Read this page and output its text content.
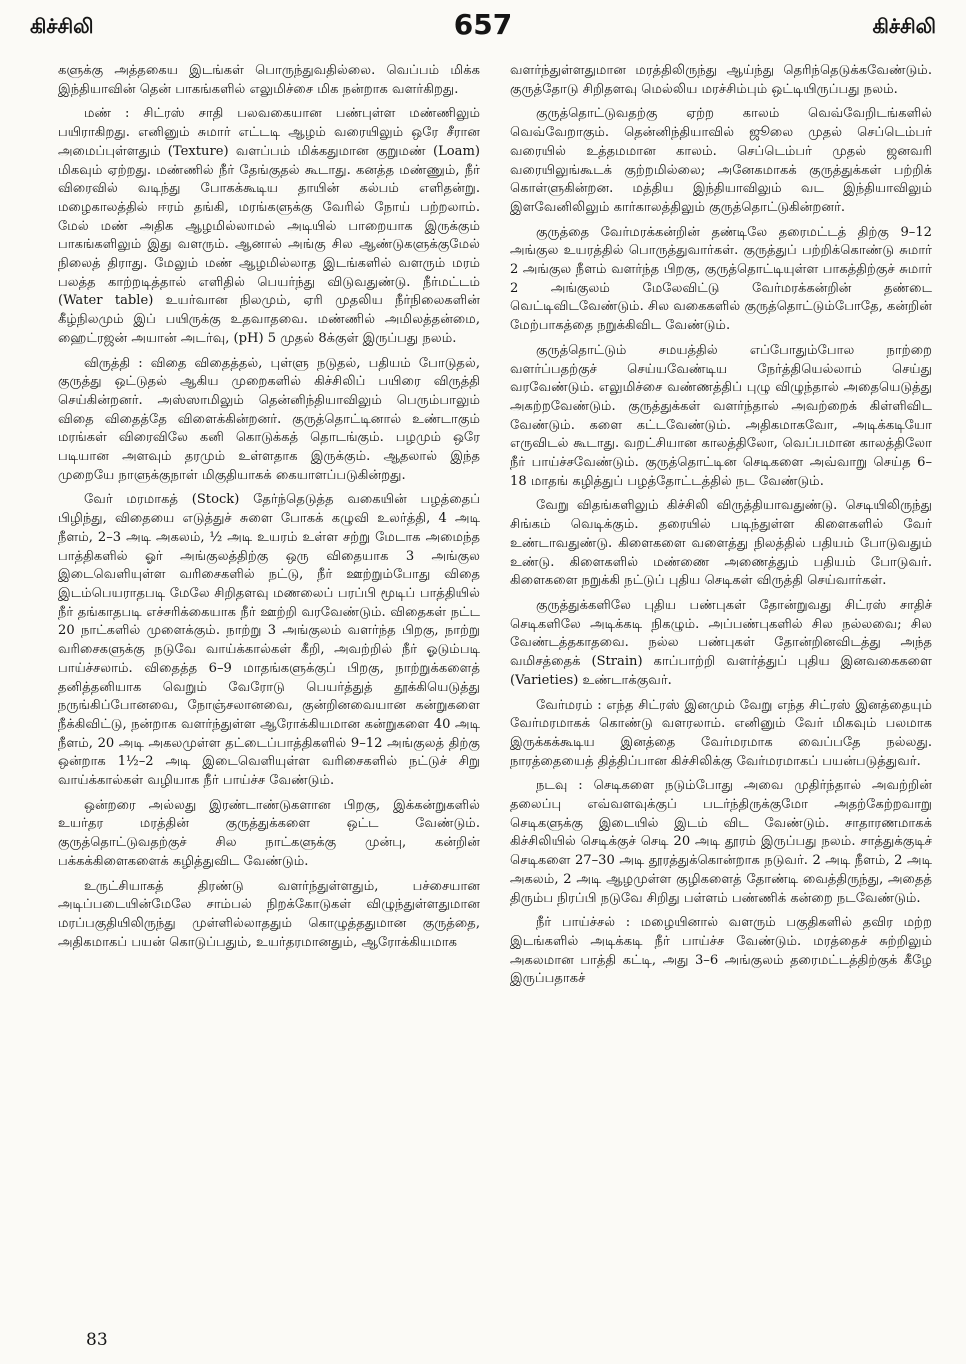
கிச்சிலி	657	கிச்சிலி

களுக்கு அத்தகைய இடங்கள் பொருந்துவதில்லை. வெப்பம் மிக்க இந்தியாவின் தென் பாகங்களில் எலுமிச்சை மிக நன்றாக வளர்கிறது.

மண் : சிட்ரஸ் சாதி பலவகையான பண்புள்ள மண்ணிலும் பயிராகிறது. எனினும் சுமார் எட்டடி ஆழம் வரையிலும் ஒரே சீரான அமைப்புள்ளதும் (Texture) வளப்பம் மிக்கதுமான குறுமண் (Loam) மிகவும் ஏற்றது. மண்ணில் நீர் தேங்குதல் கூடாது. கனத்த மண்ணும், நீர் விரைவில் வடிந்து போகக்கூடிய தாயின் கல்பம் எளிதன்று. மழைகாலத்தில் ஈரம் தங்கி, மரங்களுக்கு வேரில் நோய் பற்றலாம். மேல் மண் அதிக ஆழமில்லாமல் அடியில் பாறையாக இருக்கும் பாகங்களிலும் இது வளரும். ஆனால் அங்கு சில ஆண்டுகளுக்குமேல் நிலைத் திராது. மேலும் மண் ஆழமில்லாத இடங்களில் வளரும் மரம் பலத்த காற்றடித்தால் எளிதில் பெயர்ந்து விடுவதுண்டு. நீர்மட்டம் (Water table) உயர்வான நிலமும், ஏரி முதலிய நீர்நிலைகளின் கீழ்நிலமும் இப் பயிருக்கு உதவாதவை. மண்ணில் அமிலத்தன்மை, ஹைட்ரஜன் அயான் அடர்வு, (pH) 5 முதல் 8க்குள் இருப்பது நலம்.

விருத்தி : விதை விதைத்தல், புள்ளு நடுதல், பதியம் போடுதல், குருத்து ஒட்டுதல் ஆகிய முறைகளில் கிச்சிலிப் பயிரை விருத்தி செய்கின்றனர். அஸ்ஸாமிலும் தென்னிந்தியாவிலும் பெரும்பாலும் விதை விதைத்தே விளைக்கின்றனர். குருத்தொட்டினால் உண்டாகும் மரங்கள் விரைவிலே கனி கொடுக்கத் தொடங்கும். பழமும் ஒரே படியான அளவும் தரமும் உள்ளதாக இருக்கும். ஆதலால் இந்த முறையே நாளுக்குநாள் மிகுதியாகக் கையாளப்படுகின்றது.

வேர் மரமாகத் (Stock) தேர்ந்தெடுத்த வகையின் பழத்தைப் பிழிந்து, விதையை எடுத்துச் சுளை போகக் கழுவி உலர்த்தி, 4 அடி நீளம், 2–3 அடி அகலம், ½ அடி உயரம் உள்ள சற்று மேடாக அமைந்த பாத்திகளில் ஓர் அங்குலத்திற்கு ஒரு விதையாக 3 அங்குல இடைவெளியுள்ள வரிசைகளில் நட்டு, நீர் ஊற்றும்போது விதை இடம்பெயராதபடி மேலே சிறிதளவு மணலைப் பரப்பி மூடிப் பாத்தியில் நீர் தங்காதபடி எச்சரிக்கையாக நீர் ஊற்றி வரவேண்டும். விதைகள் நட்ட 20 நாட்களில் முளைக்கும். நாற்று 3 அங்குலம் வளர்ந்த பிறகு, நாற்று வரிசைகளுக்கு நடுவே வாய்க்கால்கள் கீறி, அவற்றில் நீர் ஓடும்படி பாய்ச்சலாம். விதைத்த 6–9 மாதங்களுக்குப் பிறகு, நாற்றுக்களைத் தனித்தனியாக வெறும் வேரோடு பெயர்த்துத் தூக்கியெடுத்து நருங்கிப்போனவை, நோஞ்சலானவை, குன்றினவையான கன்றுகளை நீக்கிவிட்டு, நன்றாக வளர்ந்துள்ள ஆரோக்கியமான கன்றுகளை 40 அடி நீளம், 20 அடி அகலமுள்ள தட்டைப்பாத்திகளில் 9–12 அங்குலத் திற்கு ஒன்றாக 1½–2 அடி இடைவெளியுள்ள வரிசைகளில் நட்டுச் சிறு வாய்க்கால்கள் வழியாக நீர் பாய்ச்ச வேண்டும்.

ஒன்றரை அல்லது இரண்டாண்டுகளான பிறகு, இக்கன்றுகளில் உயர்தர மரத்தின் குருத்துக்களை ஒட்ட வேண்டும். குருத்தொட்டுவதற்குச் சில நாட்களுக்கு முன்பு, கன்றின் பக்கக்கிளைகளைக் கழித்துவிட வேண்டும்.

உருட்சியாகத் திரண்டு வளர்ந்துள்ளதும், பச்சையான அடிப்படையின்மேலே சாம்பல் நிறக்கோடுகள் விழுந்துள்ளதுமான மரப்பகுதியிலிருந்து முள்ளில்லாததும் கொழுத்ததுமான குருத்தை, அதிகமாகப் பயன் கொடுப்பதும், உயர்தரமானதும், ஆரோக்கியமாக

வளர்ந்துள்ளதுமான மரத்திலிருந்து ஆய்ந்து தெரிந்தெடுக்கவேண்டும். குருத்தோடு சிறிதளவு மெல்லிய மரச்சிம்பும் ஒட்டியிருப்பது நலம்.

குருத்தொட்டுவதற்கு ஏற்ற காலம் வெவ்வேறிடங்களில் வெவ்வேறாகும். தென்னிந்தியாவில் ஜூலை முதல் செப்டெம்பர் வரையில் உத்தமமான காலம். செப்டெம்பர் முதல் ஜனவரி வரையிலுங்கூடக் குற்றமில்லை; அனேகமாகக் குருத்துக்கள் பற்றிக் கொள்ளுகின்றன. மத்திய இந்தியாவிலும் வட இந்தியாவிலும் இளவேனிலிலும் கார்காலத்திலும் குருத்தொட்டுகின்றனர்.

குருத்தை வேர்மரக்கன்றின் தண்டிலே தரைமட்டத் திற்கு 9–12 அங்குல உயரத்தில் பொருத்துவார்கள். குருத்துப் பற்றிக்கொண்டு சுமார் 2 அங்குல நீளம் வளர்ந்த பிறகு, குருத்தொட்டியுள்ள பாகத்திற்குச் சுமார் 2 அங்குலம் மேலேவிட்டு வேர்மரக்கன்றின் தண்டை வெட்டிவிடவேண்டும். சில வகைகளில் குருத்தொட்டும்போதே, கன்றின் மேற்பாகத்தை நறுக்கிவிட வேண்டும்.

குருத்தொட்டும் சமயத்தில் எப்போதும்போல நாற்றை வளர்ப்பதற்குச் செய்யவேண்டிய நேர்த்தியெல்லாம் செய்து வரவேண்டும். எலுமிச்சை வண்ணத்திப் புழு விழுந்தால் அதையெடுத்து அகற்றவேண்டும். குருத்துக்கள் வளர்ந்தால் அவற்றைக் கிள்ளிவிட வேண்டும். களை கட்டவேண்டும். அதிகமாகவோ, அடிக்கடியோ எருவிடல் கூடாது. வறட்சியான காலத்திலோ, வெப்பமான காலத்திலோ நீர் பாய்ச்சவேண்டும். குருத்தொட்டின செடிகளை அவ்வாறு செய்த 6–18 மாதங் கழித்துப் பழத்தோட்டத்தில் நட வேண்டும்.

வேறு விதங்களிலும் கிச்சிலி விருத்தியாவதுண்டு. செடியிலிருந்து சிங்கம் வெடிக்கும். தரையில் படிந்துள்ள கிளைகளில் வேர் உண்டாவதுண்டு. கிளைகளை வளைத்து நிலத்தில் பதியம் போடுவதும் உண்டு. கிளைகளில் மண்ணை அணைத்தும் பதியம் போடுவர். கிளைகளை நறுக்கி நட்டுப் புதிய செடிகள் விருத்தி செய்வார்கள்.

குருத்துக்களிலே புதிய பண்புகள் தோன்றுவது சிட்ரஸ் சாதிச் செடிகளிலே அடிக்கடி நிகழும். அப்பண்புகளில் சில நல்லவை; சில வேண்டத்தகாதவை. நல்ல பண்புகள் தோன்றினவிடத்து அந்த வமிசத்தைக் (Strain) காப்பாற்றி வளர்த்துப் புதிய இனவகைகளை (Varieties) உண்டாக்குவர்.

வேர்மரம் : எந்த சிட்ரஸ் இனமும் வேறு எந்த சிட்ரஸ் இனத்தையும் வேர்மரமாகக் கொண்டு வளரலாம். எனினும் வேர் மிகவும் பலமாக இருக்கக்கூடிய இனத்தை வேர்மரமாக வைப்பதே நல்லது. நாரத்தையைத் தித்திப்பான கிச்சிலிக்கு வேர்மரமாகப் பயன்படுத்துவர்.

நடவு : செடிகளை நடும்போது அவை முதிர்ந்தால் அவற்றின் தலைப்பு எவ்வளவுக்குப் படர்ந்திருக்குமோ அதற்கேற்றவாறு செடிகளுக்கு இடையில் இடம் விட வேண்டும். சாதாரணமாகக் கிச்சிலியில் செடிக்குச் செடி 20 அடி தூரம் இருப்பது நலம். சாத்துக்குடிச் செடிகளை 27–30 அடி தூரத்துக்கொன்றாக நடுவர். 2 அடி நீளம், 2 அடி அகலம், 2 அடி ஆழமுள்ள குழிகளைத் தோண்டி வைத்திருந்து, அதைத் திரும்ப நிரப்பி நடுவே சிறிது பள்ளம் பண்ணிக் கன்றை நடவேண்டும்.

நீர் பாய்ச்சல் : மழையினால் வளரும் பகுதிகளில் தவிர மற்ற இடங்களில் அடிக்கடி நீர் பாய்ச்ச வேண்டும். மரத்தைச் சுற்றிலும் அகலமான பாத்தி கட்டி, அது 3–6 அங்குலம் தரைமட்டத்திற்குக் கீழே இருப்பதாகச்

83
